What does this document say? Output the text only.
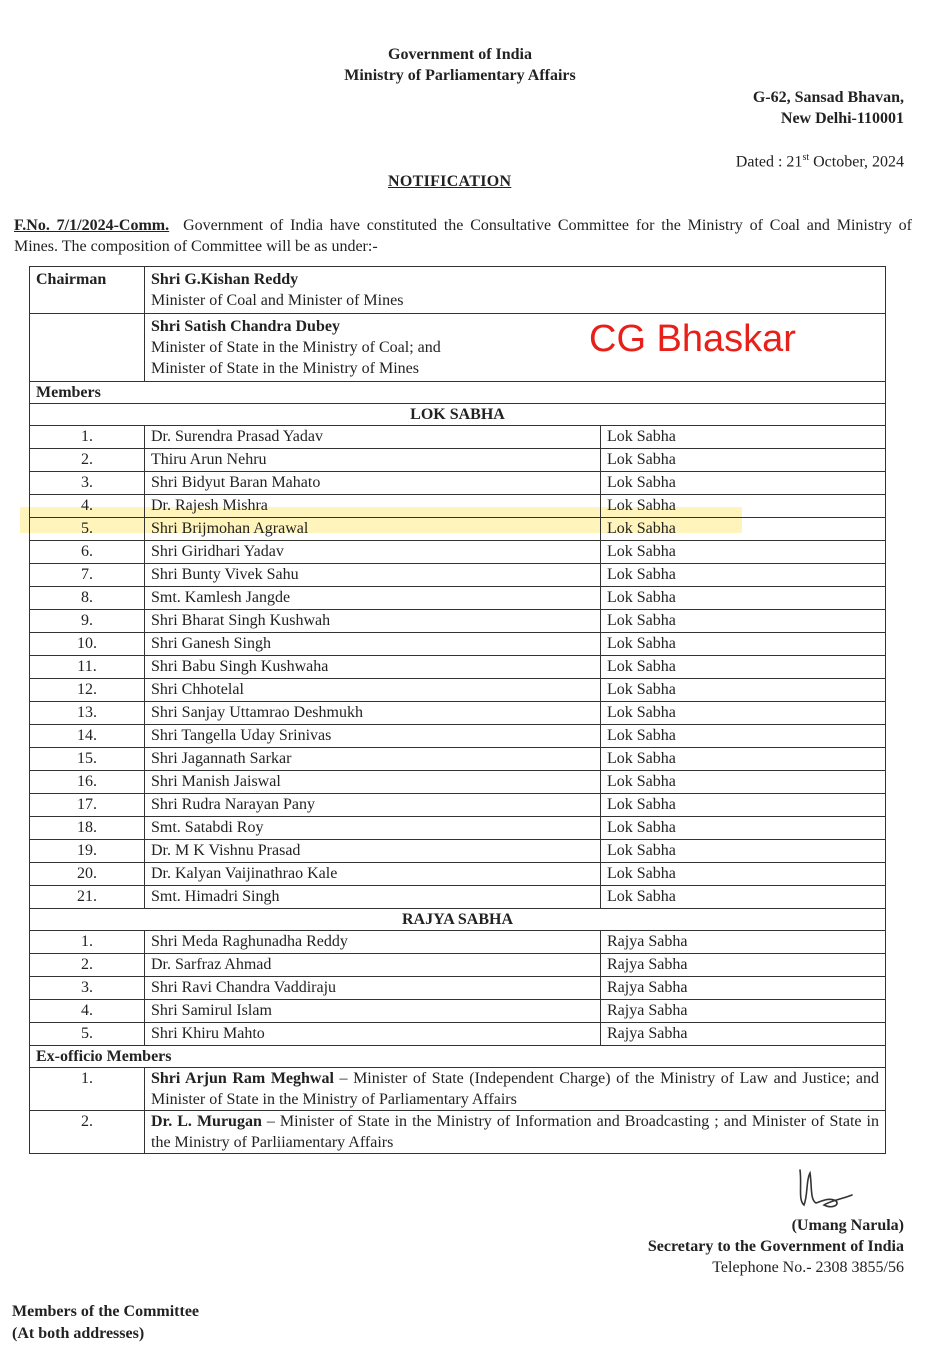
Government of India
Ministry of Parliamentary Affairs
G-62, Sansad Bhavan,
New Delhi-110001
Dated : 21st October, 2024
NOTIFICATION
F.No. 7/1/2024-Comm. Government of India have constituted the Consultative Committee for the Ministry of Coal and Ministry of Mines. The composition of Committee will be as under:-
Chairman	Shri G.Kishan Reddy
Minister of Coal and Minister of Mines	

	Shri Satish Chandra Dubey
Minister of State in the Ministry of Coal; and
Minister of State in the Ministry of Mines	

Members		
LOK SABHA		
1.	Dr. Surendra Prasad Yadav	Lok Sabha
2.	Thiru Arun Nehru	Lok Sabha
3.	Shri Bidyut Baran Mahato	Lok Sabha
4.	Dr. Rajesh Mishra	Lok Sabha
5.	Shri Brijmohan Agrawal	Lok Sabha
6.	Shri Giridhari Yadav	Lok Sabha
7.	Shri Bunty Vivek Sahu	Lok Sabha
8.	Smt. Kamlesh Jangde	Lok Sabha
9.	Shri Bharat Singh Kushwah	Lok Sabha
10.	Shri Ganesh Singh	Lok Sabha
11.	Shri Babu Singh Kushwaha	Lok Sabha
12.	Shri Chhotelal	Lok Sabha
13.	Shri Sanjay Uttamrao Deshmukh	Lok Sabha
14.	Shri Tangella Uday Srinivas	Lok Sabha
15.	Shri Jagannath Sarkar	Lok Sabha
16.	Shri Manish Jaiswal	Lok Sabha
17.	Shri Rudra Narayan Pany	Lok Sabha
18.	Smt. Satabdi Roy	Lok Sabha
19.	Dr. M K Vishnu Prasad	Lok Sabha
20.	Dr. Kalyan Vaijinathrao Kale	Lok Sabha
21.	Smt. Himadri Singh	Lok Sabha
RAJYA SABHA		
1.	Shri Meda Raghunadha Reddy	Rajya Sabha
2.	Dr. Sarfraz Ahmad	Rajya Sabha
3.	Shri Ravi Chandra Vaddiraju	Rajya Sabha
4.	Shri Samirul Islam	Rajya Sabha
5.	Shri Khiru Mahto	Rajya Sabha
Ex-officio Members		
1.	Shri Arjun Ram Meghwal – Minister of State (Independent Charge) of the Ministry of Law and Justice; and Minister of State in the Ministry of Parliamentary Affairs	
2.	Dr. L. Murugan – Minister of State in the Ministry of Information and Broadcasting ; and Minister of State in the Ministry of Parliiamentary Affairs	
CG Bhaskar
(Umang Narula)
Secretary to the Government of India
Telephone No.- 2308 3855/56
Members of the Committee
(At both addresses)
